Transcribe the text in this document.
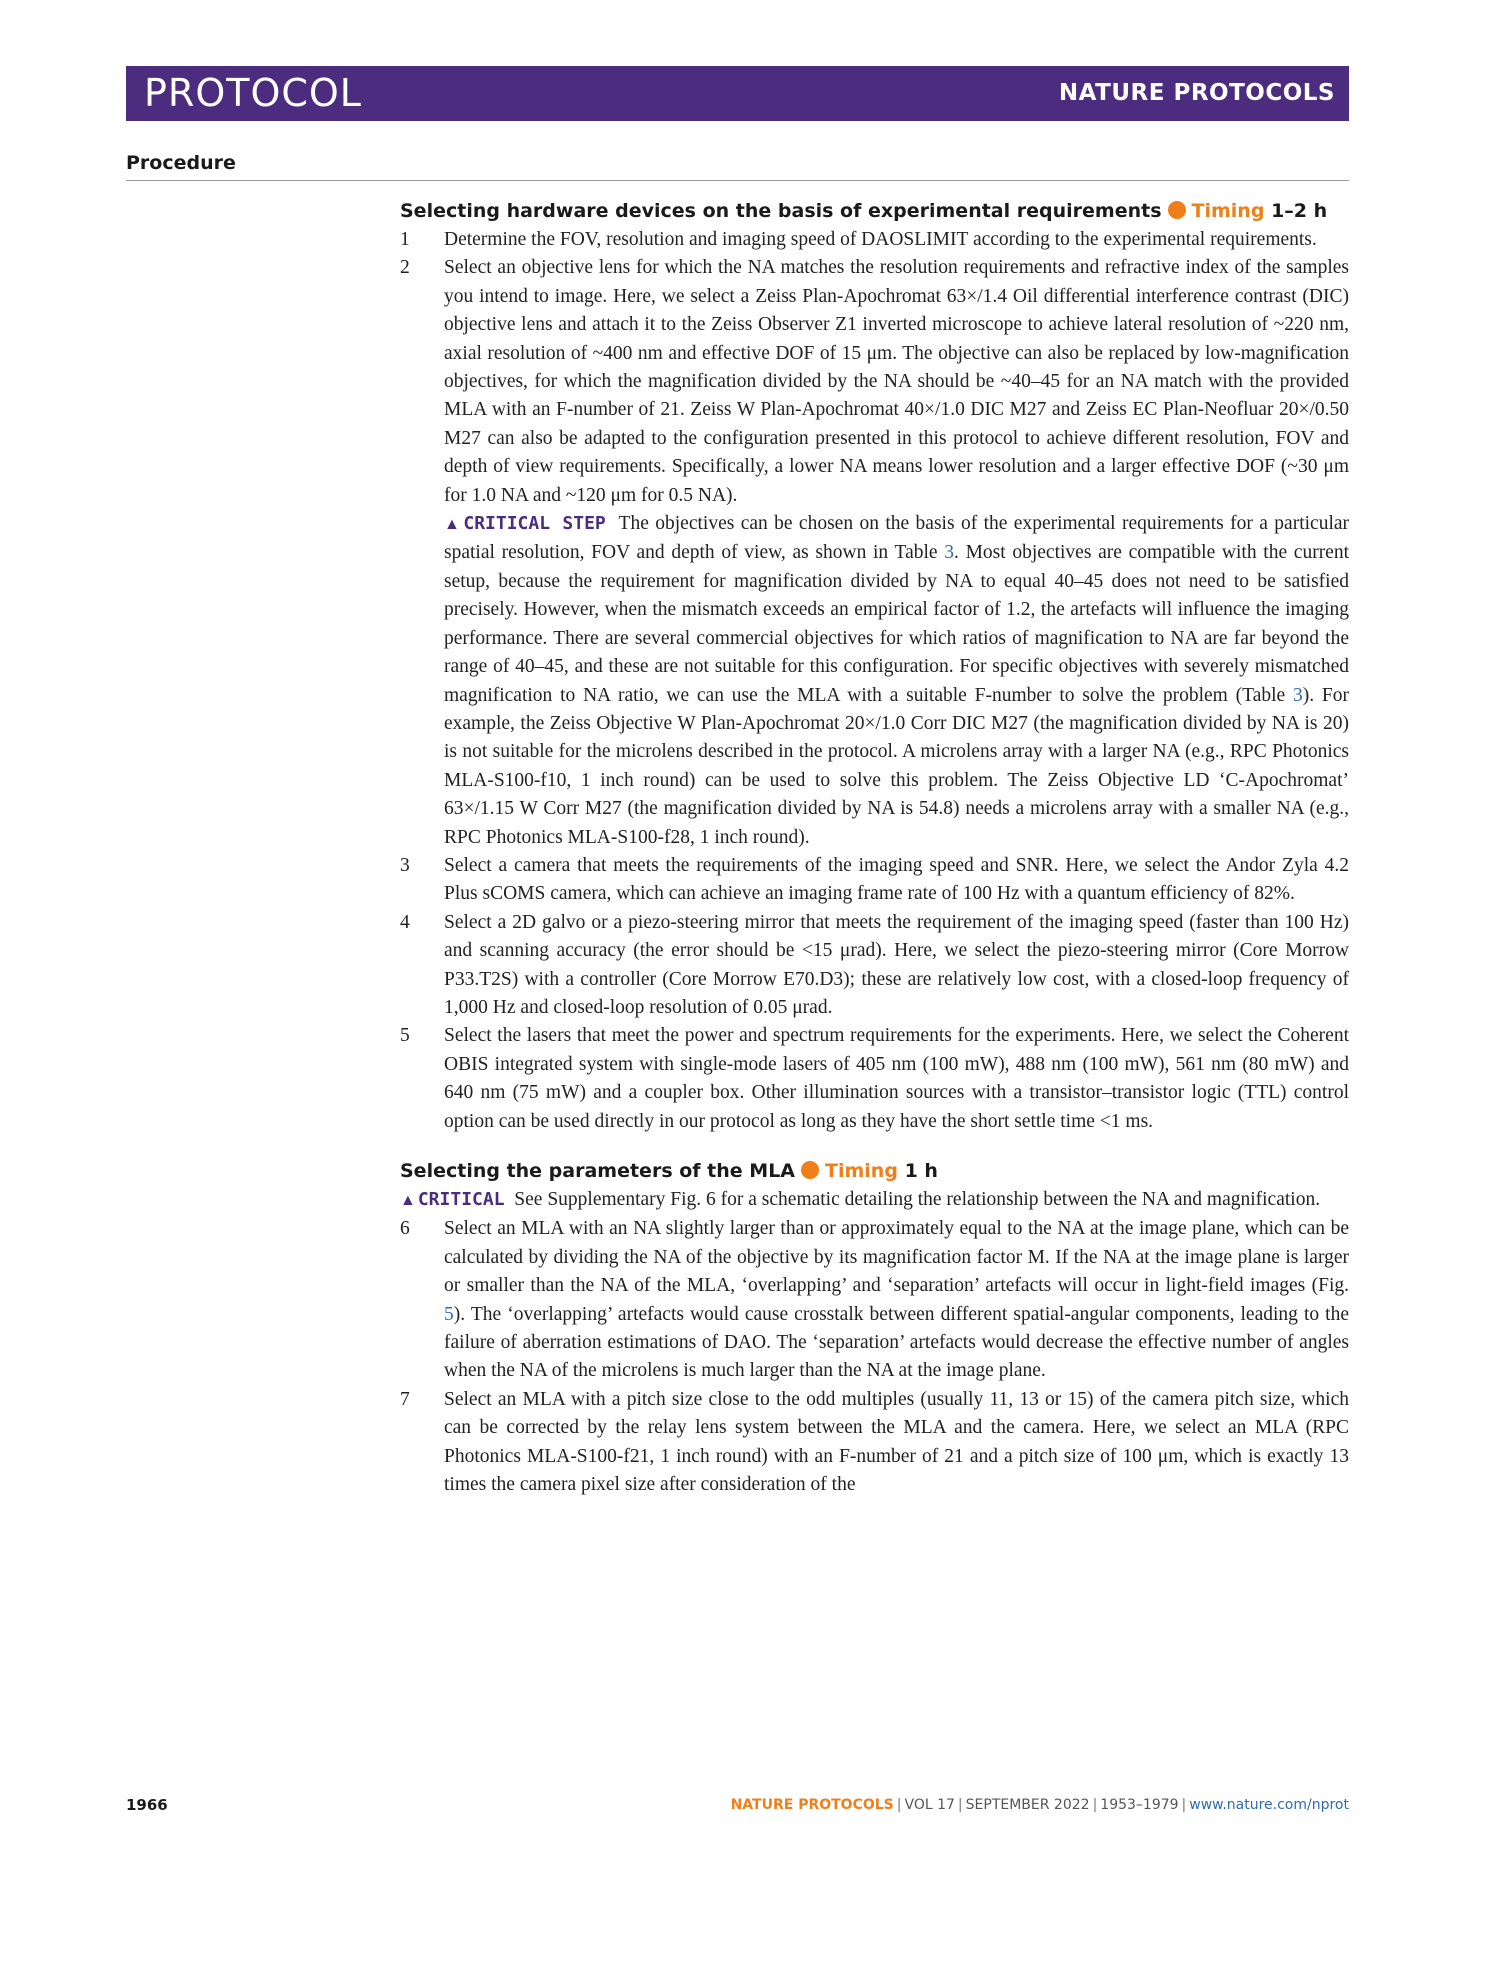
PROTOCOL	NATURE PROTOCOLS
Procedure
Selecting hardware devices on the basis of experimental requirements Timing 1–2 h
1	Determine the FOV, resolution and imaging speed of DAOSLIMIT according to the experimental requirements.
2	Select an objective lens for which the NA matches the resolution requirements and refractive index of the samples you intend to image. Here, we select a Zeiss Plan-Apochromat 63×/1.4 Oil differential interference contrast (DIC) objective lens and attach it to the Zeiss Observer Z1 inverted microscope to achieve lateral resolution of ~220 nm, axial resolution of ~400 nm and effective DOF of 15 μm. The objective can also be replaced by low-magnification objectives, for which the magnification divided by the NA should be ~40–45 for an NA match with the provided MLA with an F-number of 21. Zeiss W Plan-Apochromat 40×/1.0 DIC M27 and Zeiss EC Plan-Neofluar 20×/0.50 M27 can also be adapted to the configuration presented in this protocol to achieve different resolution, FOV and depth of view requirements. Specifically, a lower NA means lower resolution and a larger effective DOF (~30 μm for 1.0 NA and ~120 μm for 0.5 NA).
▲ CRITICAL STEP The objectives can be chosen on the basis of the experimental requirements for a particular spatial resolution, FOV and depth of view, as shown in Table 3. Most objectives are compatible with the current setup, because the requirement for magnification divided by NA to equal 40–45 does not need to be satisfied precisely. However, when the mismatch exceeds an empirical factor of 1.2, the artefacts will influence the imaging performance. There are several commercial objectives for which ratios of magnification to NA are far beyond the range of 40–45, and these are not suitable for this configuration. For specific objectives with severely mismatched magnification to NA ratio, we can use the MLA with a suitable F-number to solve the problem (Table 3). For example, the Zeiss Objective W Plan-Apochromat 20×/1.0 Corr DIC M27 (the magnification divided by NA is 20) is not suitable for the microlens described in the protocol. A microlens array with a larger NA (e.g., RPC Photonics MLA-S100-f10, 1 inch round) can be used to solve this problem. The Zeiss Objective LD ‘C-Apochromat’ 63×/1.15 W Corr M27 (the magnification divided by NA is 54.8) needs a microlens array with a smaller NA (e.g., RPC Photonics MLA-S100-f28, 1 inch round).
3	Select a camera that meets the requirements of the imaging speed and SNR. Here, we select the Andor Zyla 4.2 Plus sCOMS camera, which can achieve an imaging frame rate of 100 Hz with a quantum efficiency of 82%.
4	Select a 2D galvo or a piezo-steering mirror that meets the requirement of the imaging speed (faster than 100 Hz) and scanning accuracy (the error should be <15 μrad). Here, we select the piezo-steering mirror (Core Morrow P33.T2S) with a controller (Core Morrow E70.D3); these are relatively low cost, with a closed-loop frequency of 1,000 Hz and closed-loop resolution of 0.05 μrad.
5	Select the lasers that meet the power and spectrum requirements for the experiments. Here, we select the Coherent OBIS integrated system with single-mode lasers of 405 nm (100 mW), 488 nm (100 mW), 561 nm (80 mW) and 640 nm (75 mW) and a coupler box. Other illumination sources with a transistor–transistor logic (TTL) control option can be used directly in our protocol as long as they have the short settle time <1 ms.
Selecting the parameters of the MLA Timing 1 h
▲ CRITICAL See Supplementary Fig. 6 for a schematic detailing the relationship between the NA and magnification.
6	Select an MLA with an NA slightly larger than or approximately equal to the NA at the image plane, which can be calculated by dividing the NA of the objective by its magnification factor M. If the NA at the image plane is larger or smaller than the NA of the MLA, ‘overlapping’ and ‘separation’ artefacts will occur in light-field images (Fig. 5). The ‘overlapping’ artefacts would cause crosstalk between different spatial-angular components, leading to the failure of aberration estimations of DAO. The ‘separation’ artefacts would decrease the effective number of angles when the NA of the microlens is much larger than the NA at the image plane.
7	Select an MLA with a pitch size close to the odd multiples (usually 11, 13 or 15) of the camera pitch size, which can be corrected by the relay lens system between the MLA and the camera. Here, we select an MLA (RPC Photonics MLA-S100-f21, 1 inch round) with an F-number of 21 and a pitch size of 100 μm, which is exactly 13 times the camera pixel size after consideration of the
1966	NATURE PROTOCOLS | VOL 17 | SEPTEMBER 2022 | 1953–1979 | www.nature.com/nprot
